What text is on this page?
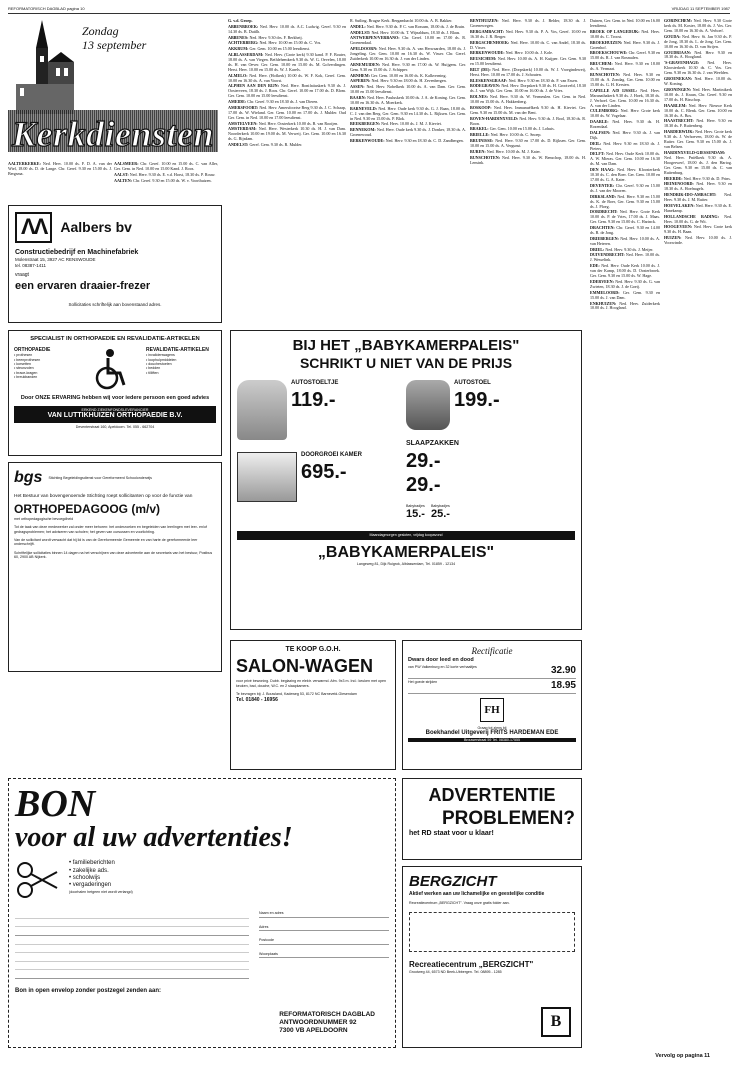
REFORMATORISCH DAGBLAD pagina 10	VRIJDAG 11 SEPTEMBER 1987
Zondag
13 september
Kerkdiensten

AALTERKERKE: Ned. Herv. 10.00 ds. F. D. A. van der Wiel, 18.00 ds. D. de Lange. Chr. Geref. 9.30 en 15.00 ds. J. Bergsma.

AALSMEER: Chr. Geref. 10.00 en 15.00 ds. C. van Aller, Ger. Gem. in Ned. 10.00 en 15.00 Kand. J. Roos.

AALST: Ned. Herv. 9.30 ds. E. v.d. Horst, 18.30 ds. P. Rouw.

AALTEN: Chr. Geref. 9.30 en 15.00 ds. W. v. Voorthuizen.

G. v.d. Groep.

ABBENBROEK: Ned. Herv. 10.00 ds. A.C. Ludwig. Geref. 9.30 en 14.30 ds. B. Dutilh.

ABBENES: Ned. Herv. 9.30 drs. F. Berkheij.

ACHTERBERG: Ned. Herv. 10.00 en 15.00 ds. C. Vos.

AKKRUM: Ger. Gem. 10.00 en 15.00 leesdienst.

ALBLASSERDAM: Ned. Herv. (Grote kerk) 9.30 kand. P. F. Bouter, 18.00 ds. A. van Viegen. Bethlehemkerk 9.30 ds. W. G. Oevelen, 18.00 ds. H. van Oever. Ger. Gem. 10.00 en 15.00 ds. M. Golverdingen. Herst. Herv. 10.00 en 15.00 ds. W. J. Karels.

ALMELO: Ned. Herv. (Hofkerk) 10.00 ds. W. F. Kok, Geref. Gem. 10.00 en 16.30 ds. A. van Voorst.

ALPHEN AAN DEN RIJN: Ned. Herv. Bonifatiuskerk 9.30 ds. J. Oosterveen, 18.30 ds. J. Roos. Chr. Geref. 10.00 en 17.00 ds. D. Blom. Ger. Gem. 10.00 en 15.00 leesdienst.

AMEIDE: Chr. Geref. 9.30 en 18.30 ds. J. van Dieren.

AMERSFOORT: Ned. Herv. Amersfoortse Berg 9.30 ds. J. C. Schaap, 17.00 ds. W. Wieland. Ger. Gem. 10.00 en 17.00 ds. J. Mulder. Oud Ger. Gem. in Ned. 10.00 en 17.00 leesdienst.

AMSTELVEEN: Ned. Herv. Oosterkerk 10.00 ds. B. van Rooijen.

AMSTERDAM: Ned. Herv. Westerkerk 10.30 ds. H. J. van Dam. Noorderkerk 10.00 en 19.00 ds. M. Verweij. Ger. Gem. 10.00 en 16.30 ds. G. Rijsdam.

ANDELST: Geref. Gem. 9.30 ds. R. Mulder.

R. Sutling. Brugse Kerk. Bergambacht 10.00 ds. A. B. Bakker.

ANDEL: Ned. Herv. 9.30 ds. P. C. van Rossum, 18.00 ds. J. de Bruin.

ANDELST: Ned. Herv. 10.00 ds. T. Wijnaldum, 18.30 ds. J. Blaas.

ANTWERPEN/VERBANO: Chr. Geref. 10.00 en 17.00 ds. R. Groenendaal.

APELDOORN: Ned. Herv. 9.30 ds. A. van Herwaarden, 18.00 ds. J. Jongeling. Ger. Gem. 10.00 en 16.30 ds. W. Visser. Chr. Geref. Zuiderkerk 10.00 en 16.30 ds. J. van der Linden.

ARNEMUIDEN: Ned. Herv. 9.30 en 17.00 ds. W. Huijgens. Ger. Gem. 9.30 en 15.00 ds. J. Schipper.

ARNHEM: Ger. Gem. 10.00 en 16.00 ds. K. Kalkverning.

ASPEREN: Ned. Herv. 9.30 en 18.00 ds. H. Zevenbergen.

ASSEN: Ned. Herv. Nobelkerk 10.00 ds. A. van Dam. Ger. Gem. 10.00 en 15.00 leesdienst.

BAARN: Ned. Herv. Pauluskerk 10.00 ds. J. A. de Koning. Ger. Gem. 10.00 en 16.30 ds. A. Moerkerk.

BARNEVELD: Ned. Herv. Oude kerk 9.30 ds. G. J. Baan, 18.00 ds. C. J. van den Berg. Ger. Gem. 9.30 en 14.30 ds. L. Rijksen. Ger. Gem. in Ned. 9.30 en 15.00 ds. P. Blok.

BEEKBERGEN: Ned. Herv. 10.00 ds. J. M. J. Kieviet.

BENNEKOM: Ned. Herv. Oude kerk 9.30 ds. J. Donker, 18.30 ds. A. Groenewoud.

BERKENWOUDE: Ned. Herv. 9.30 en 18.30 ds. C. D. Zandbergen.

BENTHUIZEN: Ned. Herv. 9.30 ds. J. Belder, 18.30 ds. J. Groenewegen.

BERGAMBACHT: Ned. Herv. 9.30 ds. P. A. Vos, Geref. 10.00 en 16.30 ds. J. R. Berger.

BERGSCHENHOEK: Ned. Herv. 10.00 ds. C. van Andel, 18.30 ds. D. Visser.

BERKENWOUDE: Ned. Herv. 10.00 ds. J. Kole.

BEUSICHEM: Ned. Herv. 10.00 ds. A. H. Kuijper. Ger. Gem. 9.30 en 15.00 leesdienst.

BILT (DE): Ned. Herv. (Dorpskerk) 10.00 ds. W. J. Vroegindeweij, Herst. Herv. 10.00 en 17.00 ds. J. Schouten.

BLESKENSGRAAF: Ned. Herv. 9.30 en 18.30 ds. F. van Essen.

BODEGRAVEN: Ned. Herv. Dorpskerk 9.30 ds. H. Grootveld, 18.30 ds. J. van Wijk. Ger. Gem. 10.00 en 16.00 ds. J. de Vries.

BOLNES: Ned. Herv. 9.30 ds. W. Vermeulen. Ger. Gem. in Ned. 10.00 en 15.00 ds. A. Hakkenberg.

BOSKOOP: Ned. Herv. Immanuëlkerk 9.30 ds. H. Kieviet. Ger. Gem. 9.30 en 15.00 ds. M. van der Bent.

BOVEN-HARDINXVELD: Ned. Herv. 9.30 ds. J. Bool, 18.30 ds. R. Boon.

BRAKEL: Ger. Gem. 10.00 en 15.00 ds. J. Lohuis.

BRIELLE: Ned. Herv. 10.00 ds. C. Snoep.

BRUINISSE: Ned. Herv. 9.30 en 17.00 ds. D. Rijksen. Ger. Gem. 10.00 en 15.00 ds. A. Vergunst.

BUREN: Ned. Herv. 10.00 ds. M. J. Kater.

BUNSCHOTEN: Ned. Herv. 9.30 ds. W. Benschop, 18.00 ds. H. Lensink.

Duinen, Ger. Gem. in Ned. 10.00 en 16.00 leesdienst.

BROEK OP LANGEDIJK: Ned. Herv. 10.00 ds. C. Troost.

BROEKHUIZEN: Ned. Herv. 9.30 ds. J. Groenhof.

BROEKSCHOUWE: Chr. Geref. 9.30 en 15.00 ds. R. J. van Rosmalen.

BRUCHEM: Ned. Herv. 9.30 en 18.00 ds. A. Vermaat.

BUNSCHOTEN: Ned. Herv. 9.30 en 15.00 ds. A. Zondag. Ger. Gem. 10.00 en 15.00 ds. G. H. Kersten.

CAPELLE A/D IJSSEL: Ned. Herv. Maranathakerk 9.30 ds. J. Hoek, 18.30 ds. J. Verhoef. Ger. Gem. 10.00 en 16.30 ds. A. van der Linden.

CULEMBORG: Ned. Herv. Grote kerk 10.00 ds. W. Vogelaar.

DAARLE: Ned. Herv. 9.30 ds. H. Rozendaal.

DALFSEN: Ned. Herv. 9.30 ds. J. van Dijk.

DEIL: Ned. Herv. 9.30 en 18.30 ds. J. Pieters.

DELFT: Ned. Herv. Oude Kerk 10.00 ds. A. W. Mieras. Ger. Gem. 10.00 en 16.30 ds. M. van Dam.

DEN HAAG: Ned. Herv. Kloosterkerk 10.30 ds. C. den Boer. Ger. Gem. 10.00 en 17.00 ds. G. A. Kater.

DEVENTER: Chr. Geref. 9.30 en 15.00 ds. J. van der Mooren.

DIRKSLAND: Ned. Herv. 9.30 en 15.00 ds. K. de Boer, Ger. Gem. 9.30 en 15.00 ds. J. Ploeg.

DORDRECHT: Ned. Herv. Grote Kerk 10.00 ds. P. de Vries, 17.00 ds. J. Maas. Ger. Gem. 9.30 en 15.00 ds. C. Harinck.

DRACHTEN: Chr. Geref. 9.30 en 14.00 ds. B. de Jong.

DRIEBERGEN: Ned. Herv. 10.00 ds. A. van Heteren.

DRIEL: Ned. Herv. 9.30 ds. J. Meijer.

DUIVENDRECHT: Ned. Herv. 10.00 ds. J. Wesselink.

EDE: Ned. Herv. Oude Kerk 10.00 ds. J. van der Kamp, 18.00 ds. D. Oosterbroek. Ger. Gem. 9.30 en 15.00 ds. W. Hage.

EDERVEEN: Ned. Herv. 9.30 ds. G. van Zwieten, 18.30 ds. J. de Goeij.

EMMELOORD: Ger. Gem. 9.30 en 15.00 ds. J. van Dam.

ENKHUIZEN: Ned. Herv. Zuiderkerk 10.00 ds. J. Hoogland.

GORINCHEM: Ned. Herv. 9.30 Grote kerk ds. M. Koster, 18.00 ds. J. Vos. Ger. Gem. 10.00 en 16.30 ds. A. Verhoef.

GOUDA: Ned. Herv. St. Jan 9.30 ds. P. de Jong, 18.30 ds. L. de Jong. Ger. Gem. 10.00 en 16.30 ds. D. van Strijen.

GOUDRIAAN: Ned. Herv. 9.30 en 18.30 ds. A. Hoogland.

'S-GRAVENHAGE: Ned. Herv. Kloosterkerk 10.30 ds. C. Vos. Ger. Gem. 9.30 en 16.30 ds. J. van Weelden.

GROENEKAN: Ned. Herv. 10.00 ds. W. Koning.

GRONINGEN: Ned. Herv. Martinikerk 10.00 ds. J. Kraan, Chr. Geref. 9.30 en 17.00 ds. H. Bisschop.

HAARLEM: Ned. Herv. Nieuwe Kerk 10.00 ds. C. Blenk. Ger. Gem. 10.00 en 16.30 ds. A. Bos.

HAASTRECHT: Ned. Herv. 9.30 en 18.30 ds. F. Ruitenberg.

HARDERWIJK: Ned. Herv. Grote kerk 9.30 ds. J. Verhoeven, 18.00 ds. W. de Ruiter. Ger. Gem. 9.30 en 15.00 ds. J. van Belzen.

HARDINXVELD-GIESSENDAM: Ned. Herv. Pniëlkerk 9.30 ds. A. Hoogerwerf, 18.00 ds. J. den Hartog. Ger. Gem. 9.30 en 15.00 ds. C. van Ruitenburg.

HEERDE: Ned. Herv. 9.30 ds. D. Prins.

HEINENOORD: Ned. Herv. 9.30 en 18.30 ds. A. Hoefnagels.

HENDRIK-IDO-AMBACHT: Ned. Herv. 9.30 ds. J. M. Ruiter.

HOEVELAKEN: Ned. Herv. 9.30 ds. E. Hanekamp.

HOLLANDSCHE RADING: Ned. Herv. 10.00 ds. G. de Wit.

HOOGEVEEN: Ned. Herv. Grote kerk 9.30 ds. H. Baan.

HUIZEN: Ned. Herv. 10.00 ds. J. Voorwinde.

ΛΛ	Aalbers bv
Constructiebedrijf en Machinefabriek
Molenstraat 15, 3927 AC RENSWOUDE
tel. 08387-1411
vraagt
een ervaren draaier-frezer
Sollicitaties schriftelijk aan bovenstaand adres.
SPECIALIST IN ORTHOPAEDIE EN REVALIDATIE-ARTIKELEN
ORTHOPAEDIE
• prothesen
• beenprothesen
• korsetten
• steunzolen
• brace-kragen
• breukbanden
REVALIDATIE-ARTIKELEN
• invalidenwagens
• loophulpmiddelen
• douchestoelen
• bedden
• tilliften
Door ONZE ERVARING hebben wij voor iedere persoon een goed advies
ERKEND ZIEKENFONDSLEVERANCIER
VAN LUTTIKHUIZEN ORTHOPAEDIE B.V.
Deventerstraat 160, Apeldoorn. Tel. 055 - 662704
BIJ HET „BABYKAMERPALEIS"
SCHRIKT U NIET VAN DE PRIJS
AUTOSTOELTJE
119.-
DOORGROEI KAMER
695.-
AUTOSTOEL
199.-
SLAAPZAKKEN
29.-
29.-
Babybadjes
15.-
Babybadjes
25.-
Maandagmorgen gesloten, vrijdag koopavond
„BABYKAMERPALEIS"
Langeweg 81, Dijk Ruigrok, Alblasserdam, Tel. 01859 - 12134
bgs Stichting Begeleidingsdienst voor Gereformeerd Schoolonderwijs
Het Bestuur van bovengenoemde Stichting roept sollicitanten op voor de functie van
ORTHOPEDAGOOG (m/v)
met orthopedagogische bevoegdheid
Tot de taak van deze medewerker zal onder meer behoren: het onderzoeken en begeleiden van leerlingen met leer- en/of gedragsproblemen; het adviseren van scholen; het geven van cursussen en voorlichting.
Van de sollicitant wordt verwacht dat hij lid is van de Gereformeerde Gemeente en van harte de gereformeerde leer onderschrijft.
Schriftelijke sollicitaties binnen 14 dagen na het verschijnen van deze advertentie aan de secretaris van het bestuur, Postbus 60, 2900 AB Nijkerk.
TE KOOP G.O.H.
SALON-WAGEN
voor privé bewoning. Dubb. beglazing en elektr. verwarmd. Afm. 9x3 m. Ind.: keuken met open keuken, bad, douche, W.C. en 2 slaapkamers.
Te bevragen bij: J. Bouwland, Kadeweg 53, 8172 NC Barneveld-Giesendam
Tel. 01840 - 16956
Rectificatie
Dwars door leed en dood
van PW Valkenburg en 32 korte verhaaltjes	32.90
Het goede strijden	18.95
FH
Graag tot ziens bij
Boekhandel Uitgeverij FRITS HARDEMAN EDE
Brouwerstraat 59 Tel. 08380-17555
BON
voor al uw advertenties!
• familieberichten
• zakelijke ads.
• schoolwijs
• vergaderingen
(doorhalen hetgeen niet wordt verlangd)
Naam en adres
Adres
Postcode
Woonplaats
Bon in open envelop zonder postzegel zenden aan:
REFORMATORISCH DAGBLAD
ANTWOORDNUMMER 92
7300 VB APELDOORN
ADVERTENTIE
PROBLEMEN?
het RD staat voor u klaar!
BERGZICHT
Aktief werken aan uw lichamelijke en geestelijke conditie
Recreatiecentrum „BERGZICHT". Vraag onze gratis folder aan.
Recreatiecentrum „BERGZICHT"
Grootweg 44, 6573 ND Beek-Ubbergen. Tel. 08895 - 1285
B
Vervolg op pagina 11
